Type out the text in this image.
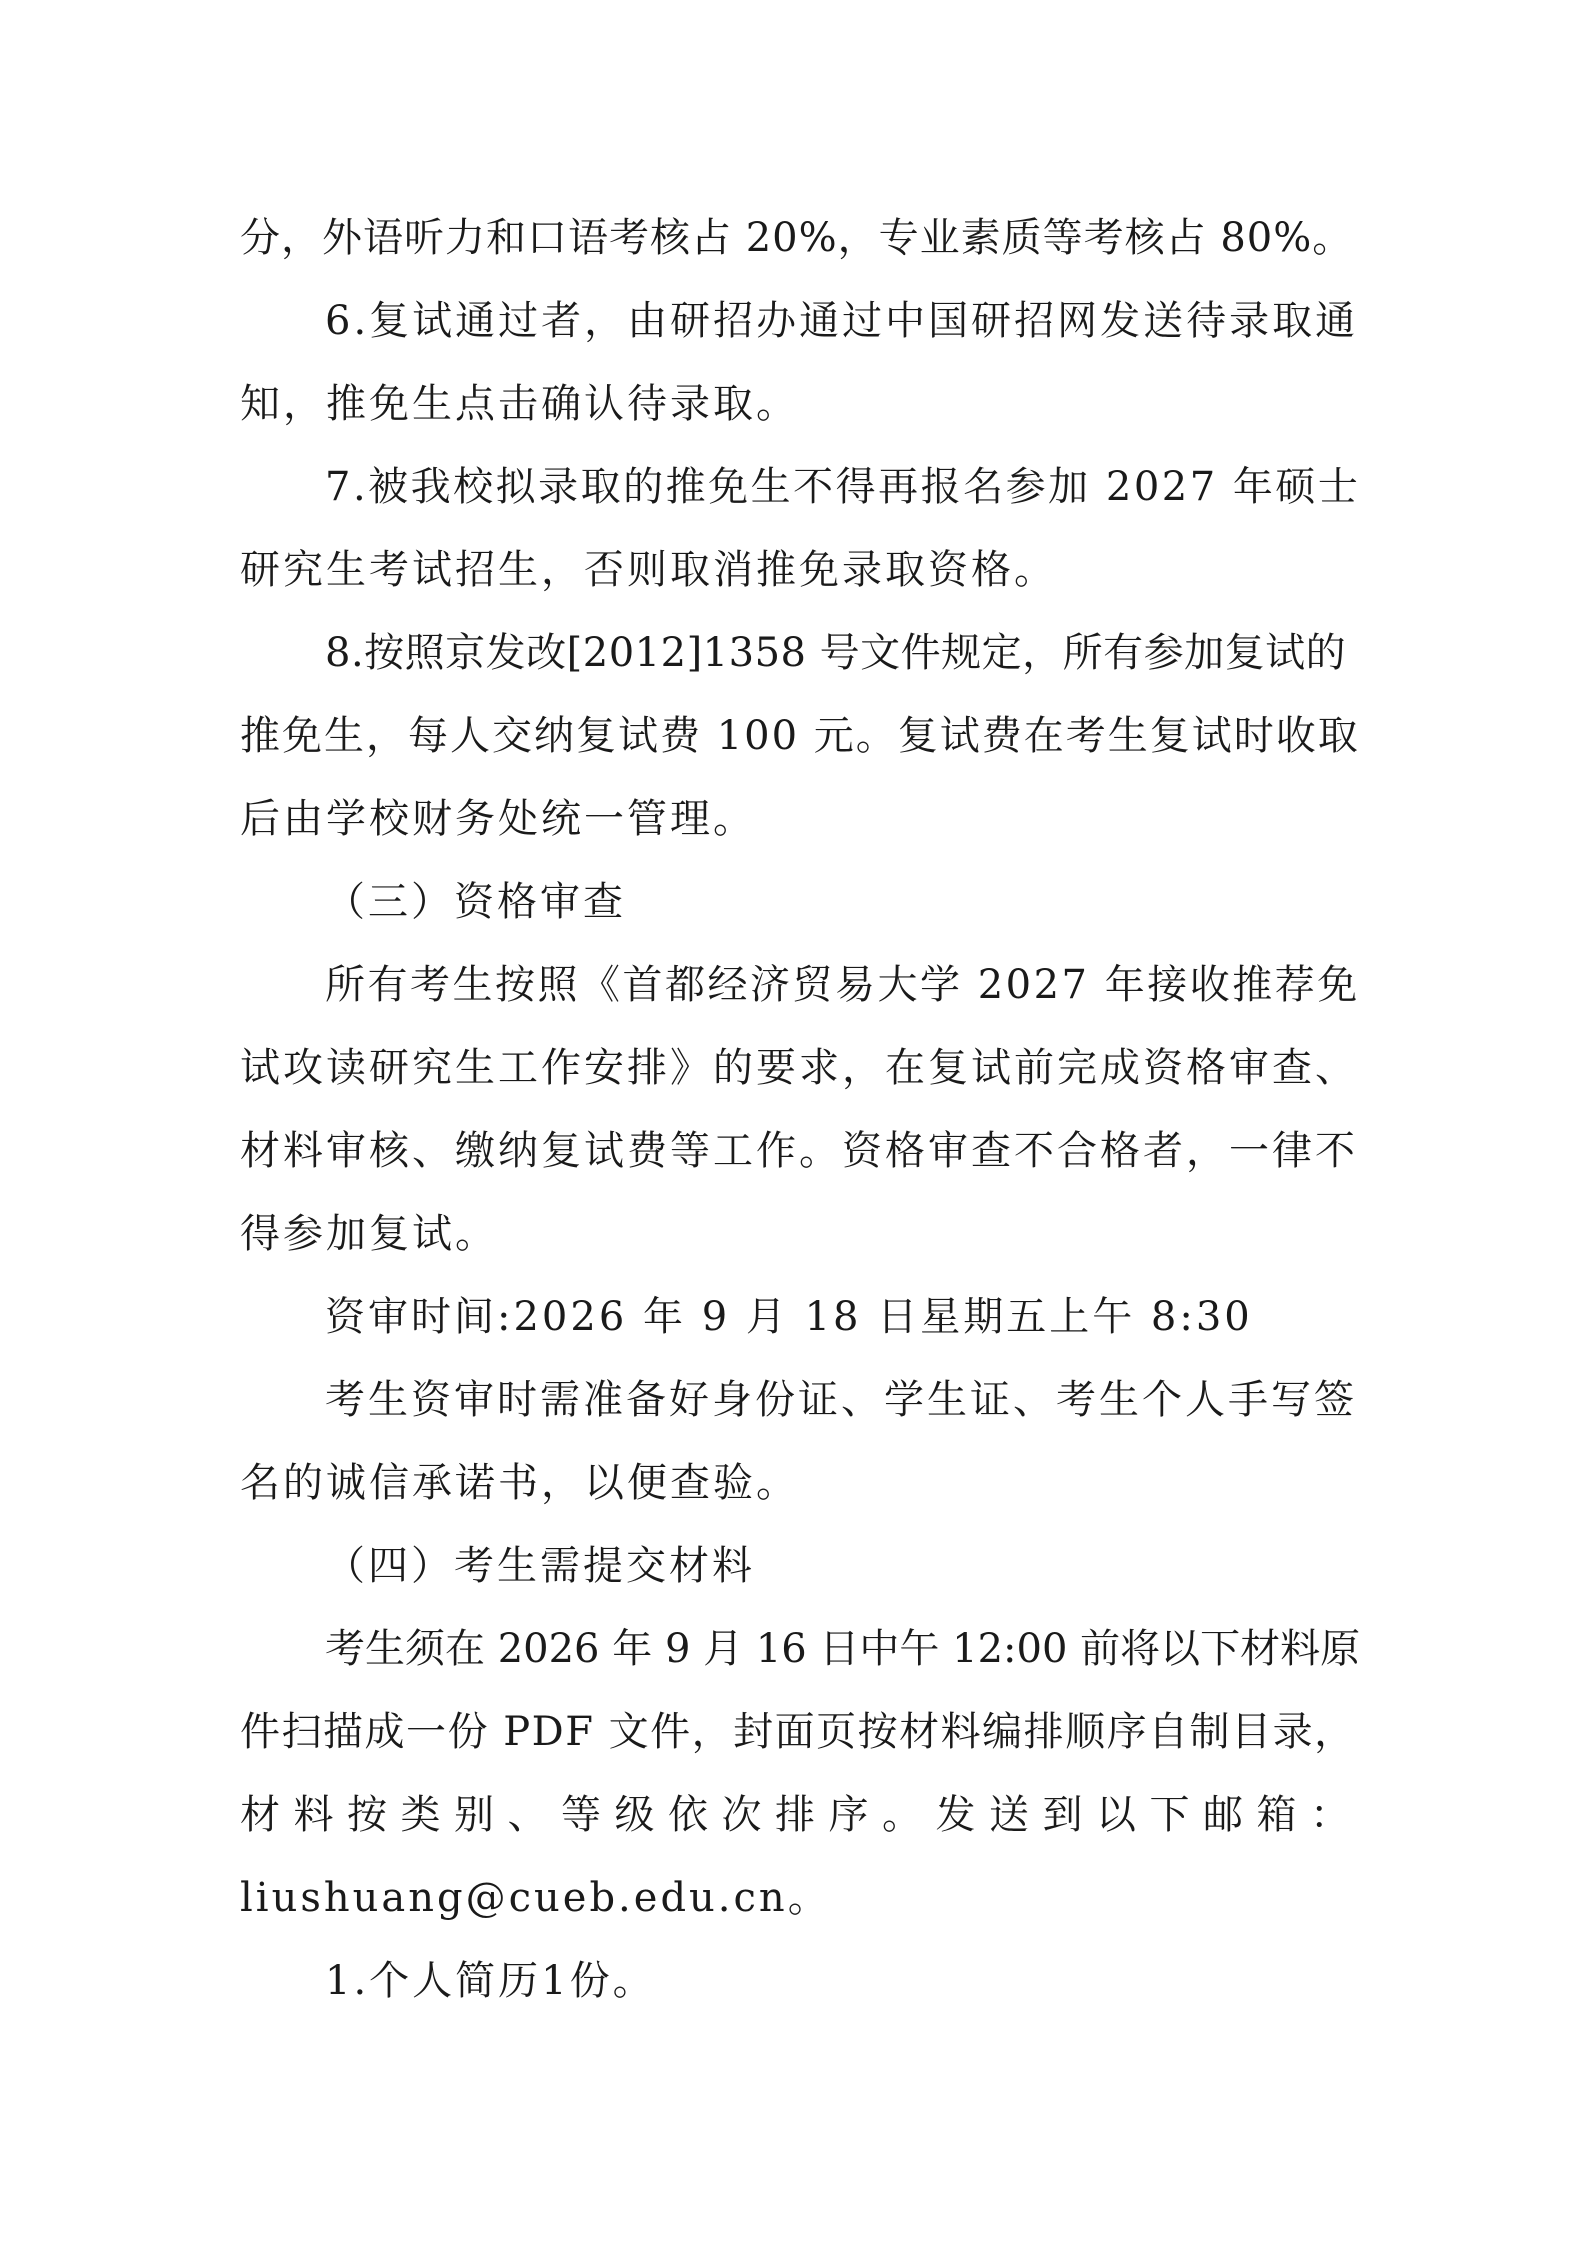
分，外语听力和口语考核占 20%，专业素质等考核占 80%。
6.复试通过者，由研招办通过中国研招网发送待录取通
知，推免生点击确认待录取。
7.被我校拟录取的推免生不得再报名参加 2027 年硕士
研究生考试招生，否则取消推免录取资格。
8.按照京发改[2012]1358 号文件规定，所有参加复试的
推免生，每人交纳复试费 100 元。复试费在考生复试时收取
后由学校财务处统一管理。
（三）资格审查
所有考生按照《首都经济贸易大学 2027 年接收推荐免
试攻读研究生工作安排》的要求，在复试前完成资格审查、
材料审核、缴纳复试费等工作。资格审查不合格者，一律不
得参加复试。
资审时间:2026 年 9 月 18 日星期五上午 8:30
考生资审时需准备好身份证、学生证、考生个人手写签
名的诚信承诺书，以便查验。
（四）考生需提交材料
考生须在 2026 年 9 月 16 日中午 12:00 前将以下材料原
件扫描成一份 PDF 文件，封面页按材料编排顺序自制目录，
材 料 按 类 别 、 等 级 依 次 排 序 。 发 送 到 以 下 邮 箱 ：
liushuang@cueb.edu.cn。
1.个人简历1份。
